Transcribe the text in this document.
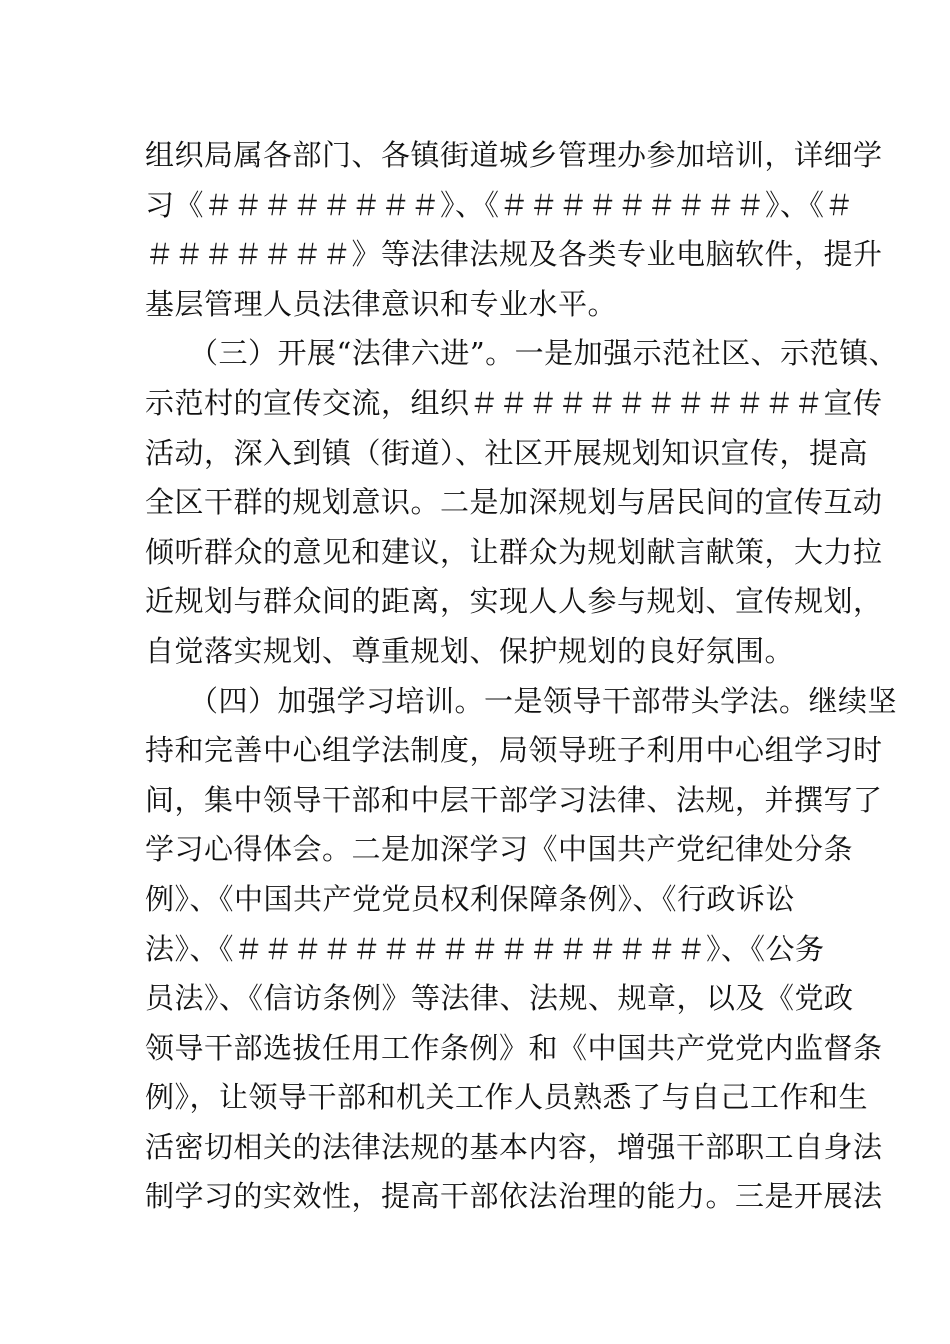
组织局属各部门、各镇街道城乡管理办参加培训，详细学
习《＃＃＃＃＃＃＃＃》、《＃＃＃＃＃＃＃＃＃》、《＃
＃＃＃＃＃＃＃》等法律法规及各类专业电脑软件，提升
基层管理人员法律意识和专业水平。
（三）开展“法律六进”。一是加强示范社区、示范镇、
示范村的宣传交流，组织＃＃＃＃＃＃＃＃＃＃＃＃宣传
活动，深入到镇（街道）、社区开展规划知识宣传，提高
全区干群的规划意识。二是加深规划与居民间的宣传互动
倾听群众的意见和建议，让群众为规划献言献策，大力拉
近规划与群众间的距离，实现人人参与规划、宣传规划，
自觉落实规划、尊重规划、保护规划的良好氛围。
（四）加强学习培训。一是领导干部带头学法。继续坚
持和完善中心组学法制度，局领导班子利用中心组学习时
间，集中领导干部和中层干部学习法律、法规，并撰写了
学习心得体会。二是加深学习《中国共产党纪律处分条
例》、《中国共产党党员权利保障条例》、《行政诉讼
法》、《＃＃＃＃＃＃＃＃＃＃＃＃＃＃＃＃》、《公务
员法》、《信访条例》等法律、法规、规章，以及《党政
领导干部选拔任用工作条例》和《中国共产党党内监督条
例》，让领导干部和机关工作人员熟悉了与自己工作和生
活密切相关的法律法规的基本内容，增强干部职工自身法
制学习的实效性，提高干部依法治理的能力。三是开展法
